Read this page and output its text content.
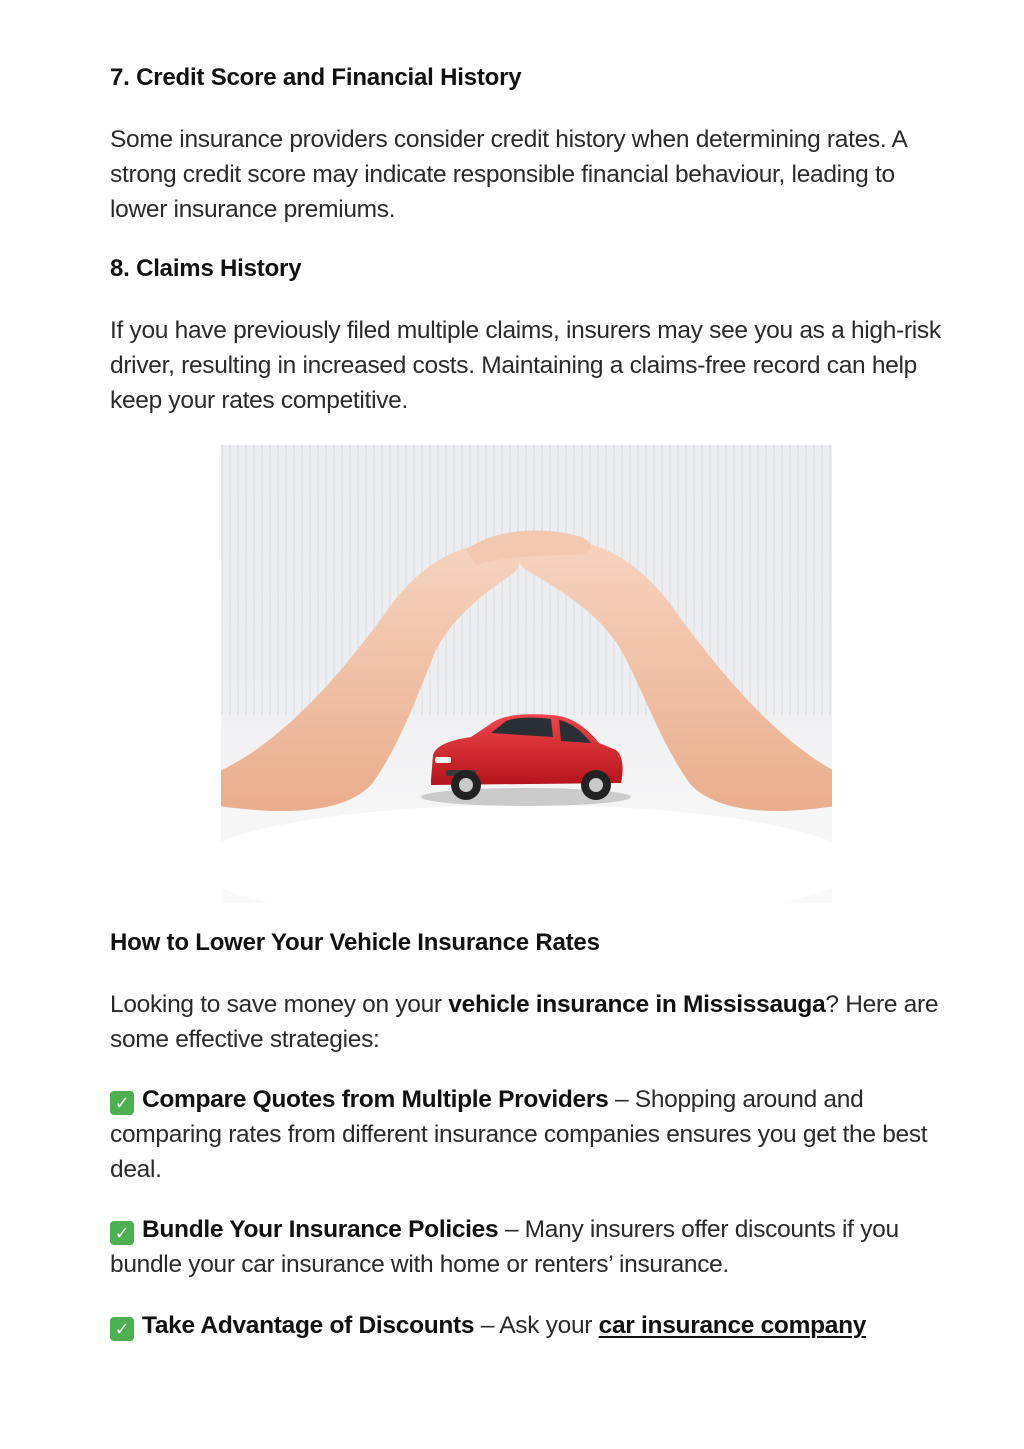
7. Credit Score and Financial History

Some insurance providers consider credit history when determining rates. A strong credit score may indicate responsible financial behaviour, leading to lower insurance premiums.

8. Claims History

If you have previously filed multiple claims, insurers may see you as a high-risk driver, resulting in increased costs. Maintaining a claims-free record can help keep your rates competitive.

How to Lower Your Vehicle Insurance Rates

Looking to save money on your vehicle insurance in Mississauga? Here are some effective strategies:

✓ Compare Quotes from Multiple Providers – Shopping around and comparing rates from different insurance companies ensures you get the best deal.

✓ Bundle Your Insurance Policies – Many insurers offer discounts if you bundle your car insurance with home or renters’ insurance.

✓ Take Advantage of Discounts – Ask your car insurance company
